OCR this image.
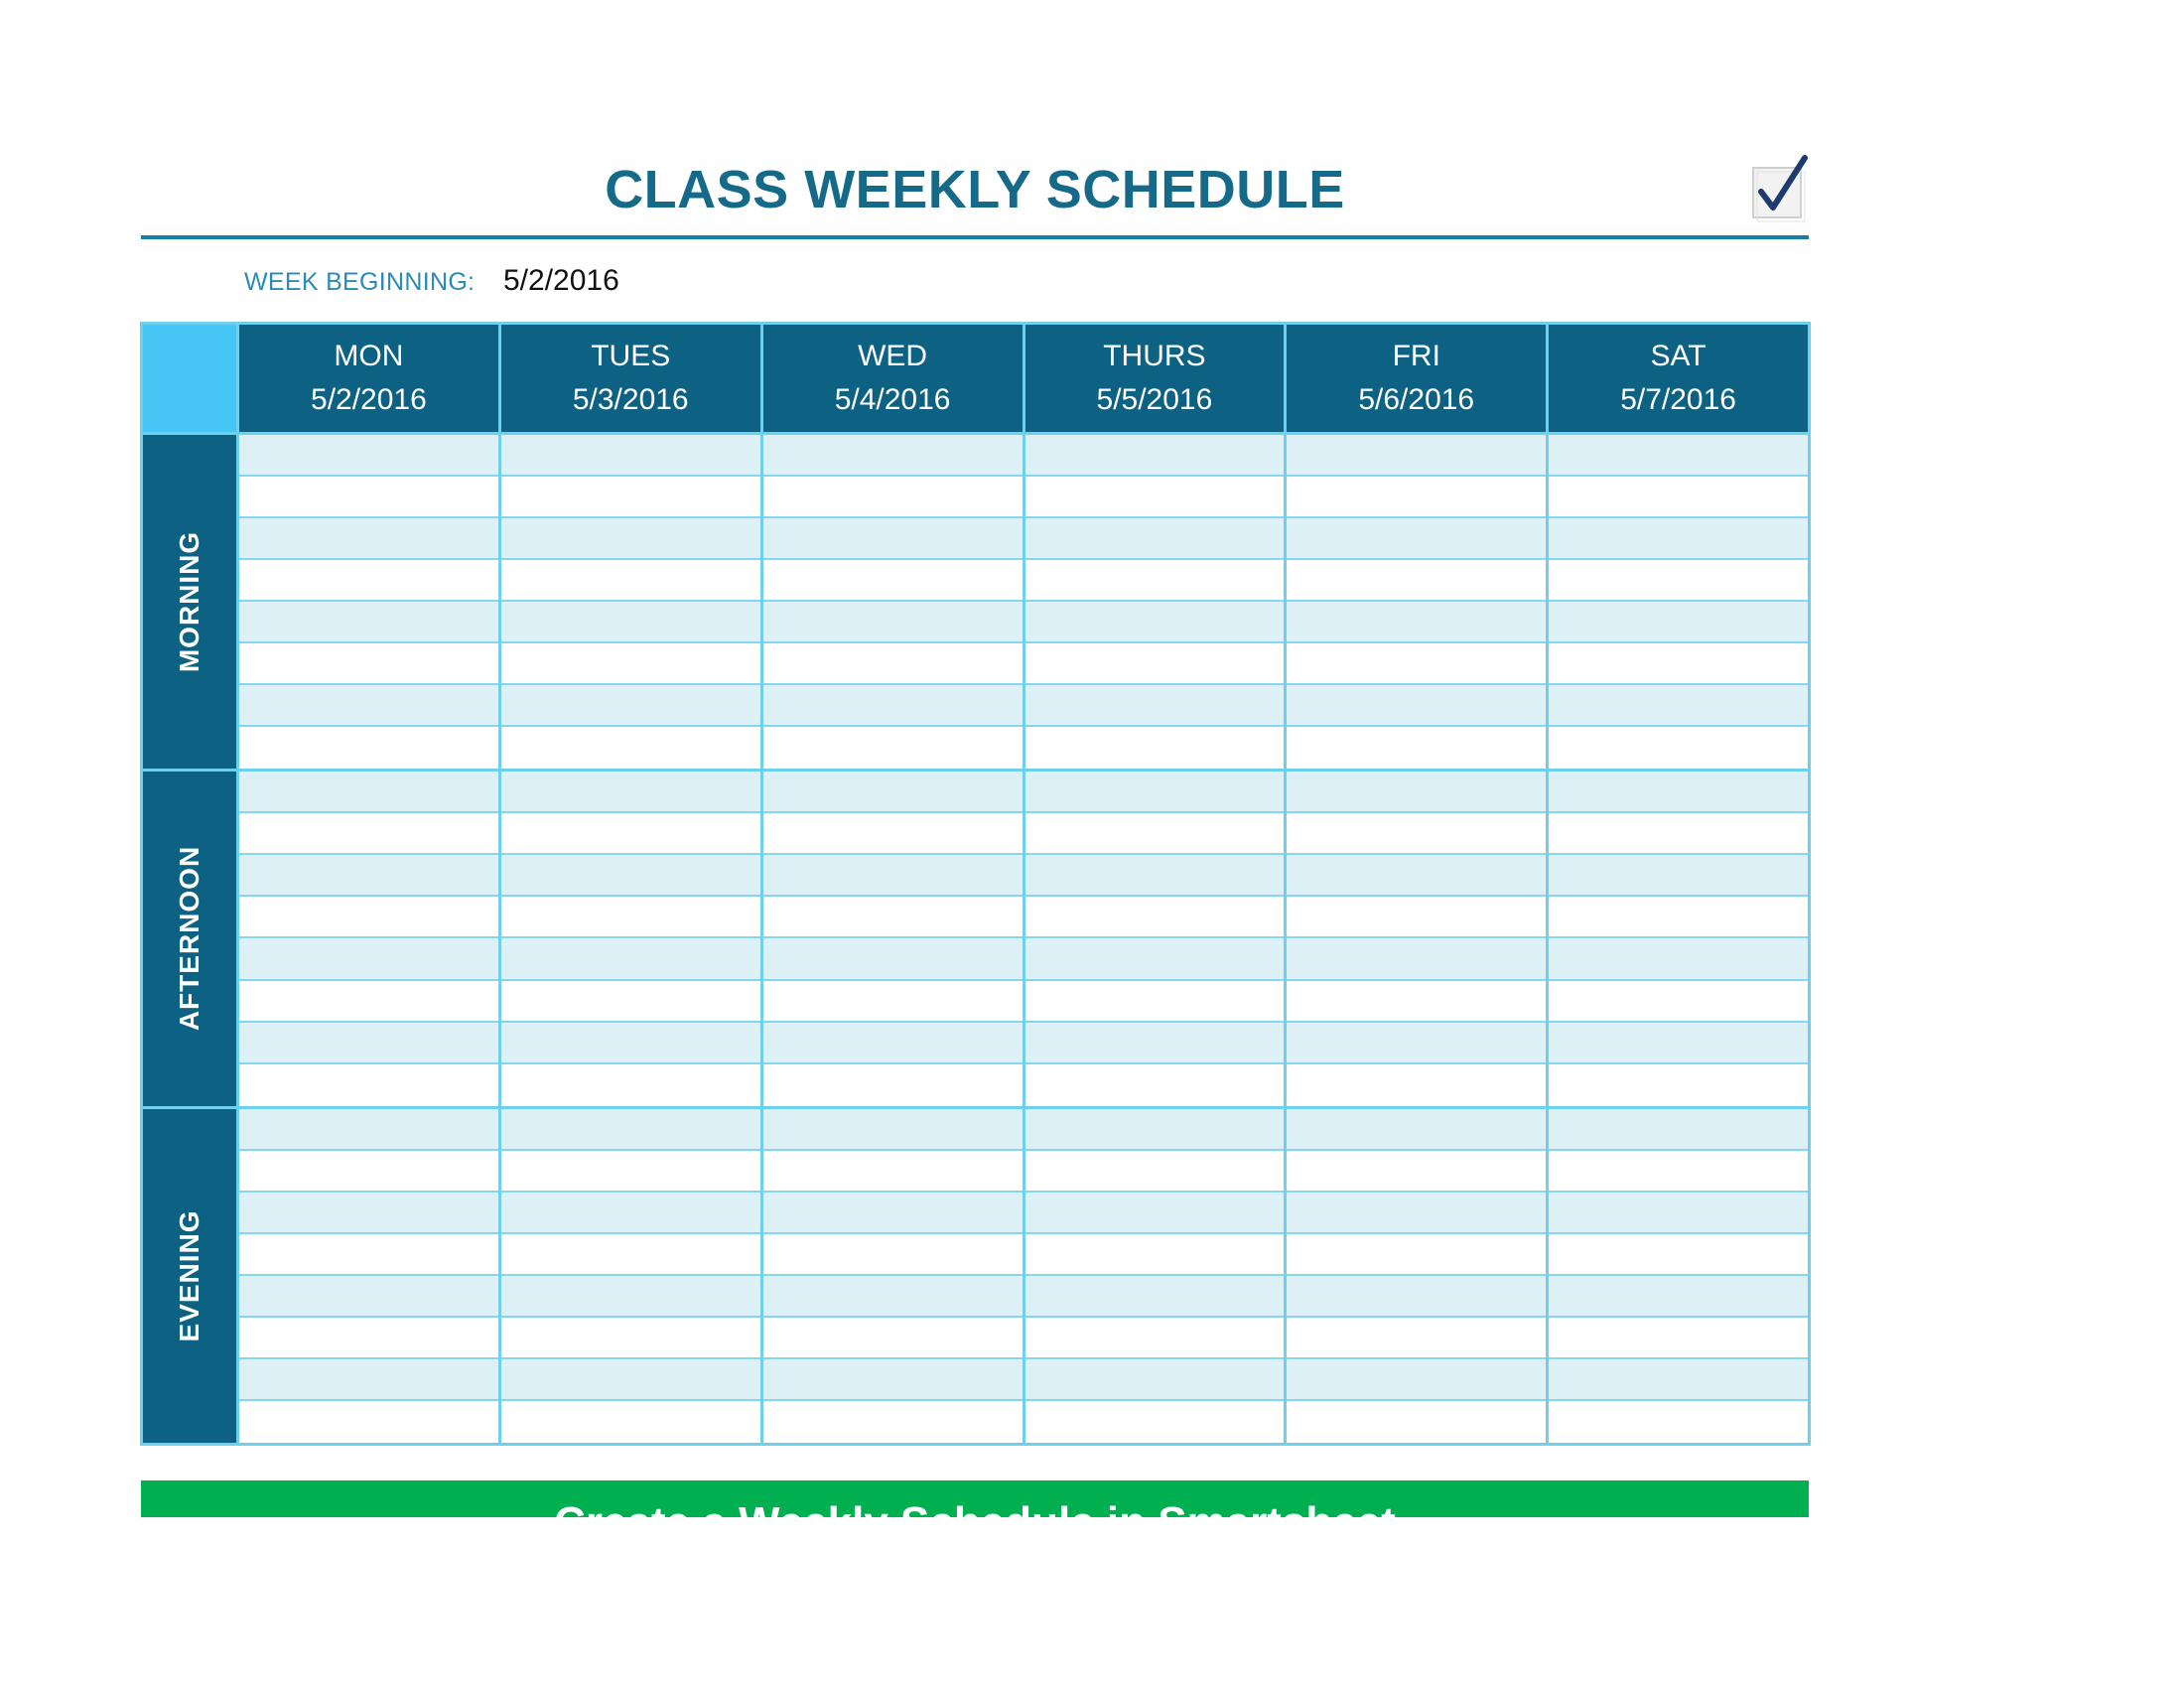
CLASS WEEKLY SCHEDULE
WEEK BEGINNING: 5/2/2016
MON
5/2/2016
TUES
5/3/2016
WED
5/4/2016
THURS
5/5/2016
FRI
5/6/2016
SAT
5/7/2016
MORNING
AFTERNOON
EVENING
Create a Weekly Schedule in Smartsheet
